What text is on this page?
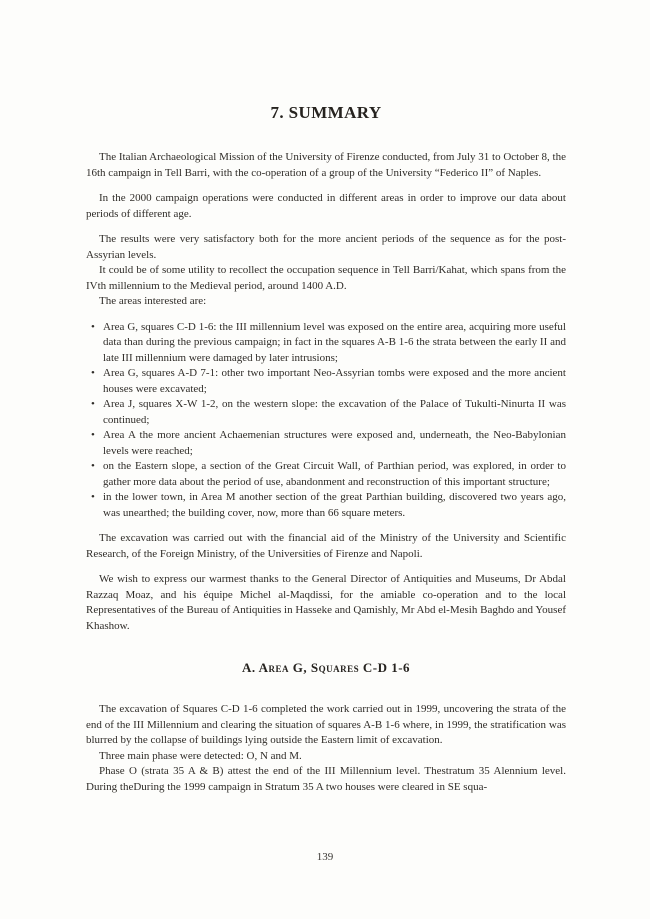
7. SUMMARY

The Italian Archaeological Mission of the University of Firenze conducted, from July 31 to October 8, the 16th campaign in Tell Barri, with the co-operation of a group of the University “Federico II” of Naples.

In the 2000 campaign operations were conducted in different areas in order to improve our data about periods of different age.

The results were very satisfactory both for the more ancient periods of the sequence as for the post-Assyrian levels.

It could be of some utility to recollect the occupation sequence in Tell Barri/Kahat, which spans from the IVth millennium to the Medieval period, around 1400 A.D.

The areas interested are:

• Area G, squares C-D 1-6: the III millennium level was exposed on the entire area, acquiring more useful data than during the previous campaign; in fact in the squares A-B 1-6 the strata between the early II and late III millennium were damaged by later intrusions;
• Area G, squares A-D 7-1: other two important Neo-Assyrian tombs were exposed and the more ancient houses were excavated;
• Area J, squares X-W 1-2, on the western slope: the excavation of the Palace of Tukulti-Ninurta II was continued;
• Area A the more ancient Achaemenian structures were exposed and, underneath, the Neo-Babylonian levels were reached;
• on the Eastern slope, a section of the Great Circuit Wall, of Parthian period, was explored, in order to gather more data about the period of use, abandonment and reconstruction of this important structure;
• in the lower town, in Area M another section of the great Parthian building, discovered two years ago, was unearthed; the building cover, now, more than 66 square meters.

The excavation was carried out with the financial aid of the Ministry of the University and Scientific Research, of the Foreign Ministry, of the Universities of Firenze and Napoli.

We wish to express our warmest thanks to the General Director of Antiquities and Museums, Dr Abdal Razzaq Moaz, and his équipe Michel al-Maqdissi, for the amiable co-operation and to the local Representatives of the Bureau of Antiquities in Hasseke and Qamishly, Mr Abd el-Mesih Baghdo and Yousef Khashow.

A. Area G, Squares C-D 1-6

The excavation of Squares C-D 1-6 completed the work carried out in 1999, uncovering the strata of the end of the III Millennium and clearing the situation of squares A-B 1-6 where, in 1999, the stratification was blurred by the collapse of buildings lying outside the Eastern limit of excavation.

Three main phase were detected: O, N and M.

Phase O (strata 35 A & B) attest the end of the III Millennium level. Thestratum 35 Alennium level. During theDuring the 1999 campaign in Stratum 35 A two houses were cleared in SE squa-

139
